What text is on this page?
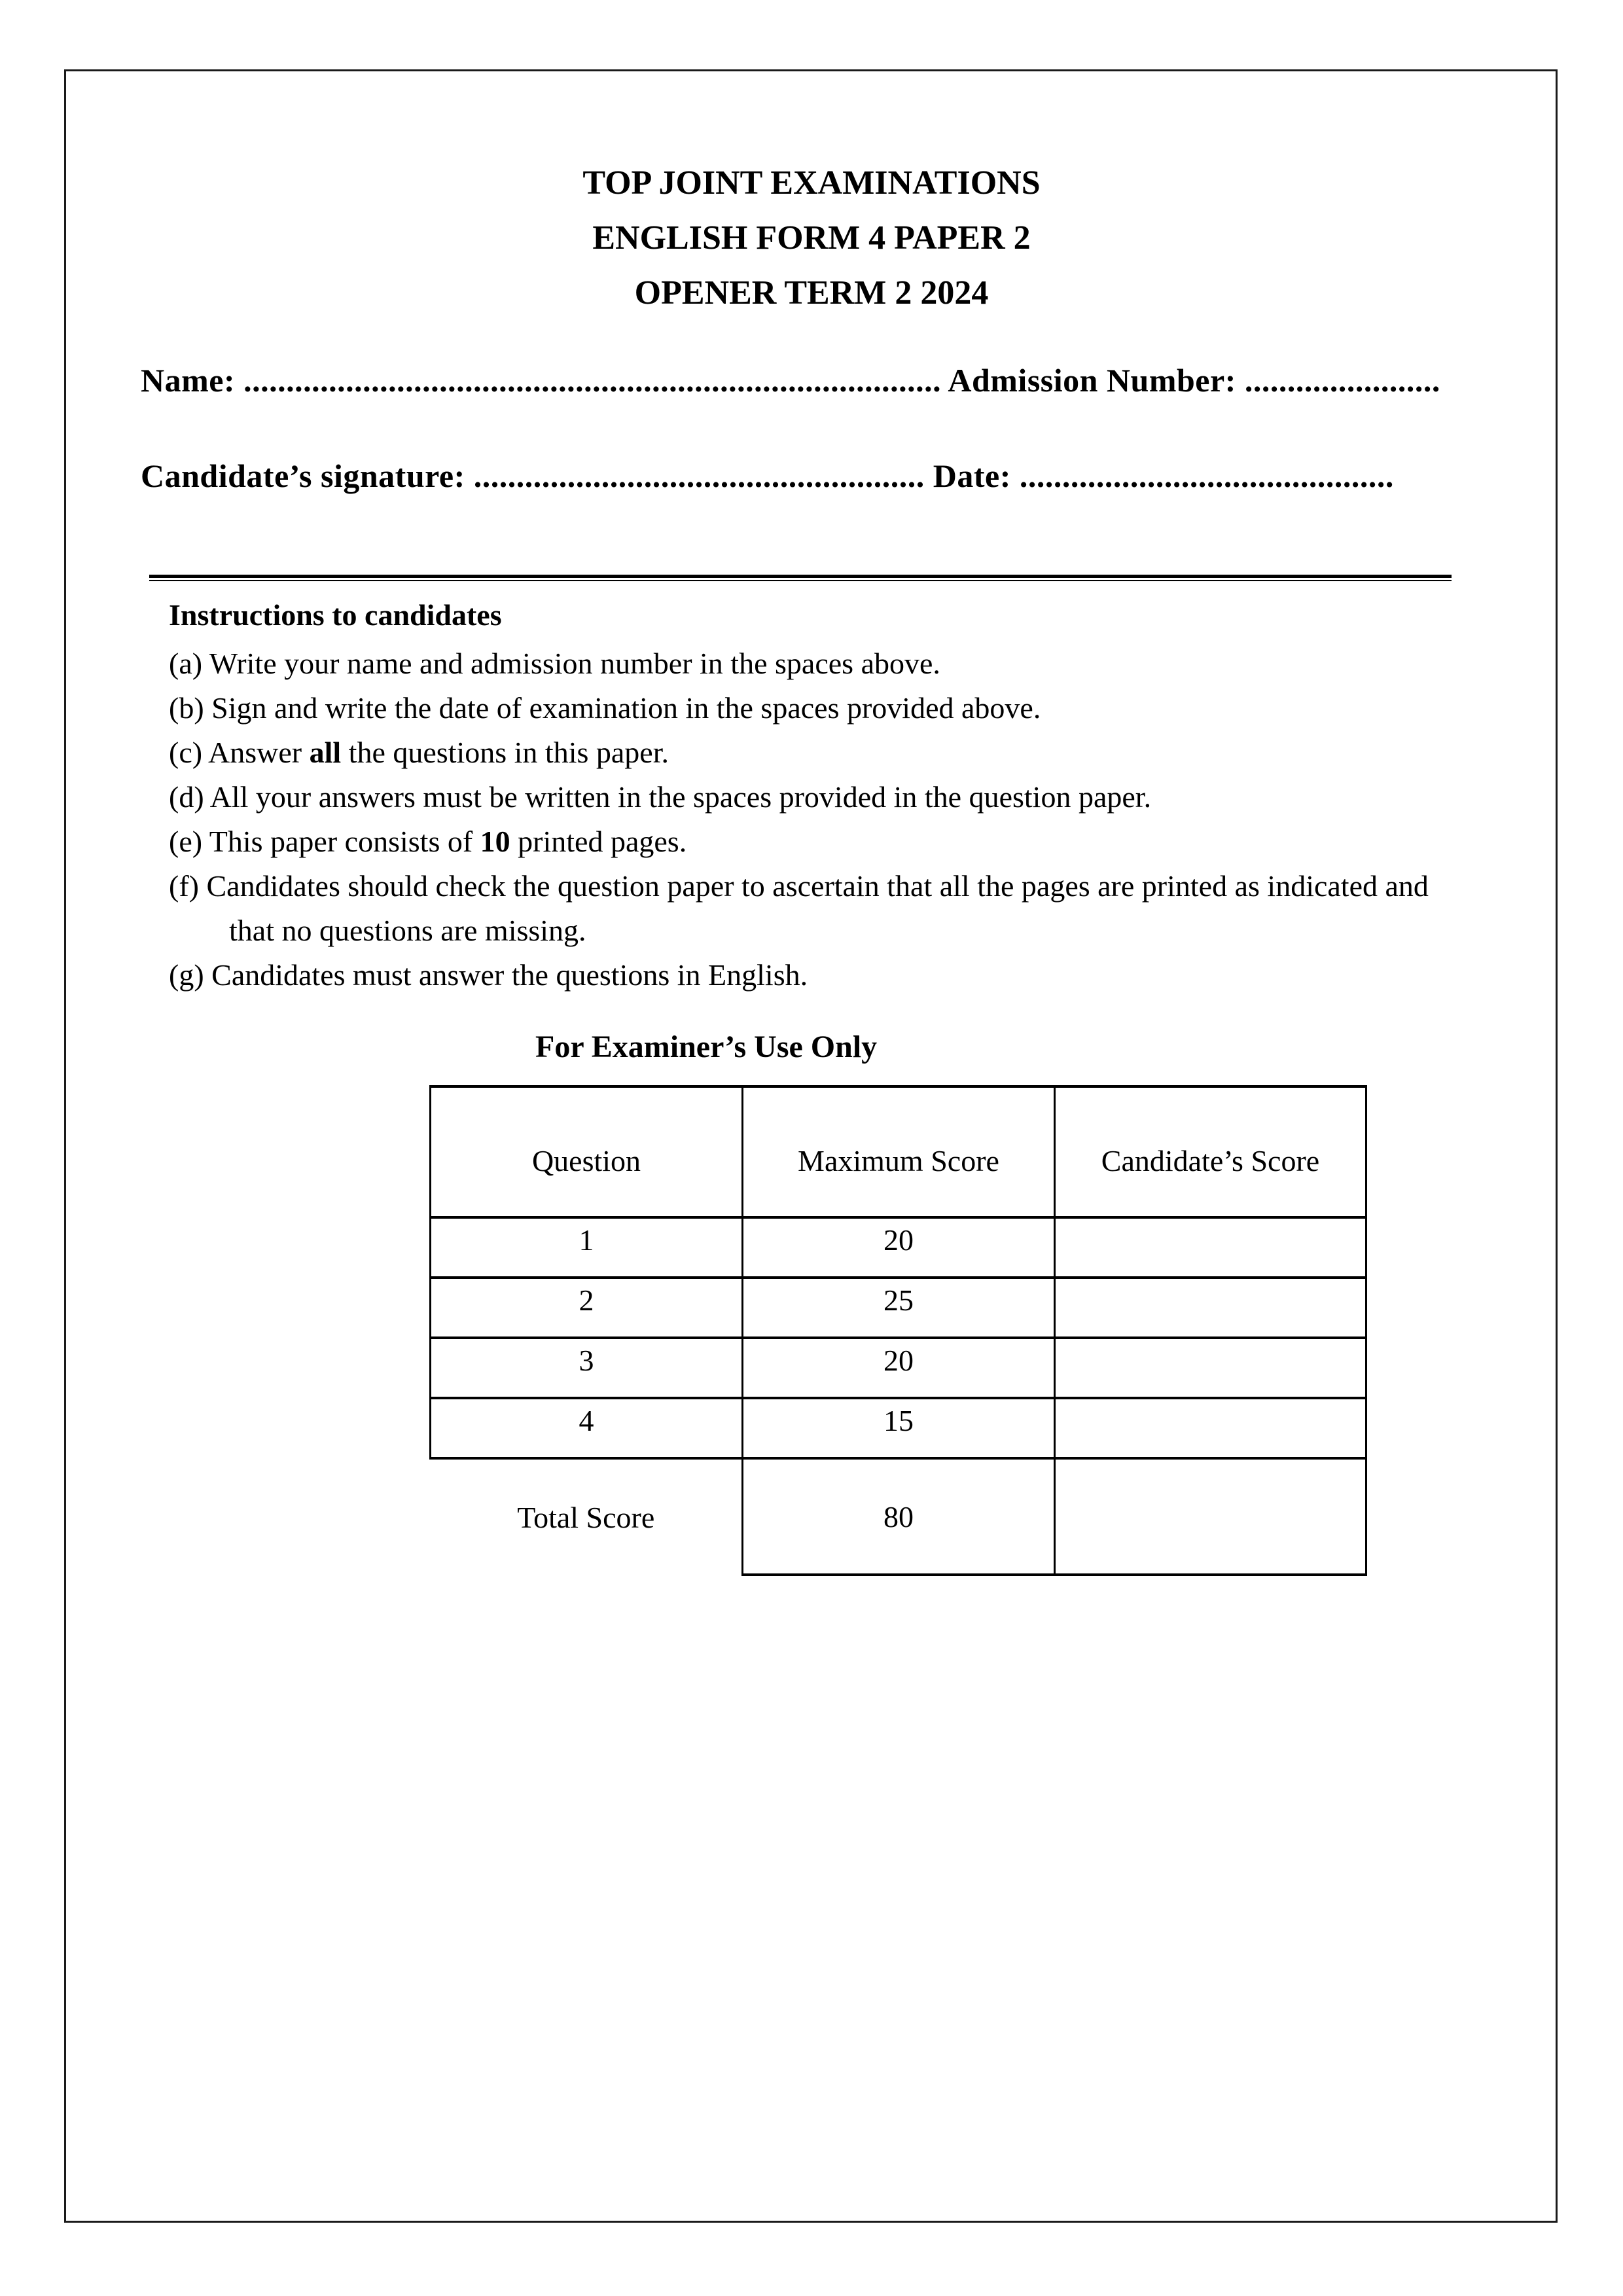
TOP JOINT EXAMINATIONS
ENGLISH FORM 4 PAPER 2
OPENER TERM 2 2024
Name: .................................................................................. Admission Number: .......................
Candidate’s signature: ..................................................... Date: ............................................
Instructions to candidates
(a) Write your name and admission number in the spaces above.
(b) Sign and write the date of examination in the spaces provided above.
(c) Answer all the questions in this paper.
(d) All your answers must be written in the spaces provided in the question paper.
(e) This paper consists of 10 printed pages.
(f) Candidates should check the question paper to ascertain that all the pages are printed as indicated and that no questions are missing.
(g) Candidates must answer the questions in English.
For Examiner’s Use Only
Question	Maximum Score	Candidate’s Score
1	20	
2	25	
3	20	
4	15	
Total Score	80	
